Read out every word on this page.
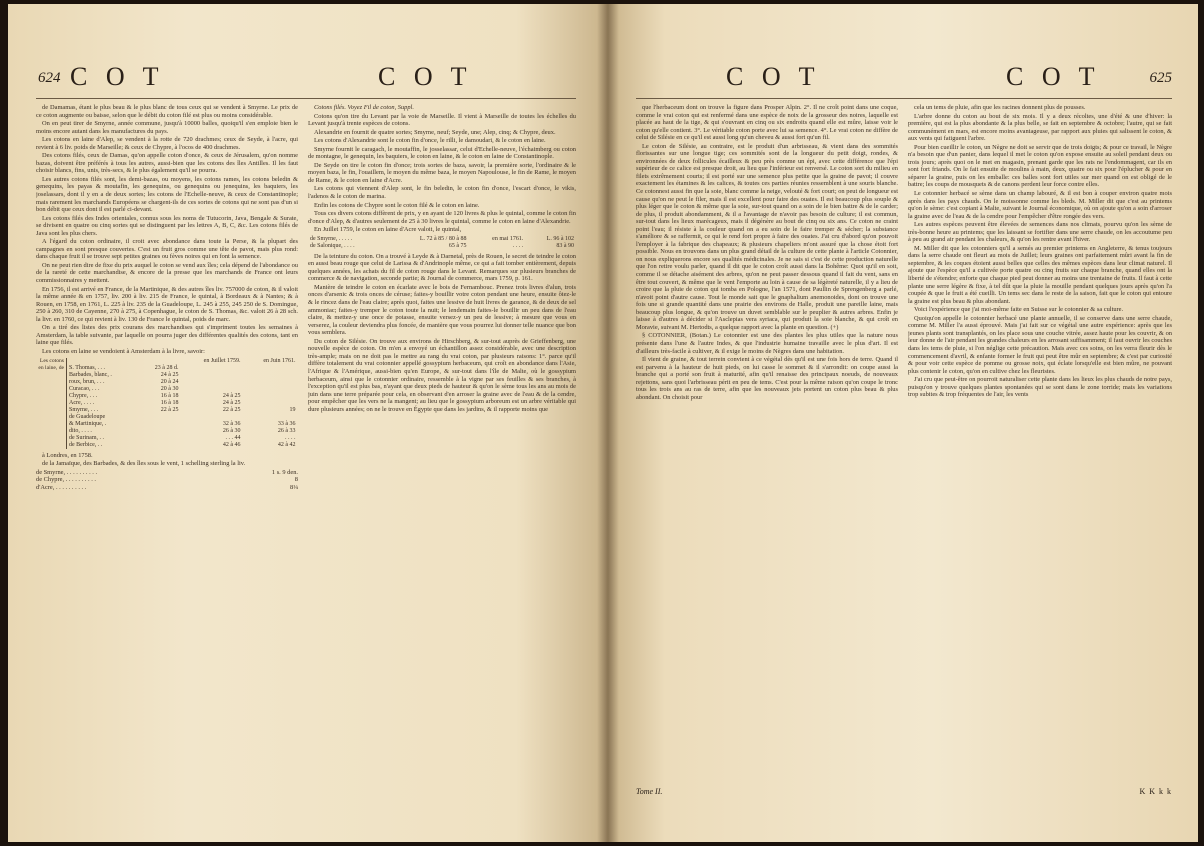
624 C O T	C O T

de Damamas, étant le plus beau & le plus blanc de tous ceux qui se vendent à Smyrne. Le prix de ce coton augmente ou baisse, selon que le débit du coton filé est plus ou moins considérable.

On en peut tirer de Smyrne, année commune, jusqu'à 10000 balles, quoiqu'il s'en emploie bien le moins encore autant dans les manufactures du pays.

Les cotons en laine d'Alep, se vendent à la rotte de 720 drachmes; ceux de Seyde, à l'acre, qui revient à 6 liv. poids de Marseille; & ceux de Chypre, à l'ocos de 400 drachmes.

Des cotons filés, ceux de Damas, qu'on appelle coton d'once, & ceux de Jérusalem, qu'on nomme bazas, doivent être préférés à tous les autres, aussi-bien que les cotons des îles Antilles. Il les faut choisir blancs, fins, unis, très-secs, & le plus également qu'il se pourra.

Les autres cotons filés sont, les demi-bazas, ou moyens, les cotons rames, les cotons beledin & genequins, les payas & moutafin, les genequins, ou genequins ou jenequins, les baquiers, les joselassars, dont il y en a de deux sortes; les cotons de l'Echelle-neuve, & ceux de Constantinople; mais rarement les marchands Européens se chargent-ils de ces sortes de cotons qui ne sont pas d'un si bon débit que ceux dont il est parlé ci-devant.

Les cotons filés des Indes orientales, connus sous les noms de Tutucorin, Java, Bengale & Surate, se divisent en quatre ou cinq sortes qui se distinguent par les lettres A, B, C, &c. Les cotons filés de Java sont les plus chers.

A l'égard du coton ordinaire, il croit avec abondance dans toute la Perse, & la plupart des campagnes en sont presque couvertes. C'est un fruit gros comme une tête de pavot, mais plus rond: dans chaque fruit il se trouve sept petites graines ou fèves noires qui en font la semence.

On ne peut rien dire de fixe du prix auquel le coton se vend aux îles; cela dépend de l'abondance ou de la rareté de cette marchandise, & encore de la presse que les marchands de France ont leurs commissionnaires y mettent.

En 1756, il est arrivé en France, de la Martinique, & des autres îles liv. 757000 de coton, & il valoit la même année & en 1757, liv. 200 à liv. 215 de France, le quintal, à Bordeaux & à Nantes; & à Rouen, en 1758, en 1761, L. 225 à liv. 235 de la Guadeloupe, L. 245 à 255, 245 250 de S. Domingue, 250 à 260, 310 de Cayenne, 270 à 275, à Copenhague, le coton de S. Thomas, &c. valoit 26 à 28 sch. la livr. en 1760, ce qui revient à liv. 130 de France le quintal, poids de marc.

On a tiré des listes des prix courans des marchandises qui s'impriment toutes les semaines à Amsterdam, la table suivante, par laquelle on pourra juger des différentes qualités des cotons, tant en laine que filés.

Les cotons en laine se vendoient à Amsterdam à la livre, savoir:

Les cotons en laine, de			en Juillet 1759.	en Juin 1761.
	S. Thomas, . . .	23 à 28 d.		
	Barbades, blanc, .	24 à 25		
	roux, brun, . . .	20 à 24		
	Curacao, . . .	20 à 30		
	Chypre, . . .	16 à 18	24 à 25	
	Acre, . . . .	16 à 18	24 à 25	
	Smyrne, . . .	22 à 25	22 à 25	19
	de Guadeloupe			
	& Martinique, .		32 à 36	33 à 36
	dito, . . . .		26 à 30	26 à 33
	de Surinam, . .		. . . 44	. . . .
	de Berbice, . .		42 à 46	42 à 42

à Londres, en 1758.

de la Jamaïque, des Barbades, & des îles sous le vent, 1 schelling sterling la liv.

de Smyrne, . . . . . . . . . .	1 s. 9 den.
de Chypre, . . . . . . . . . .	8
d'Acre, . . . . . . . . . .	8¼

Cotons filés. Voyez Fil de coton, Suppl.

Cotons qu'on tire du Levant par la voie de Marseille. Il vient à Marseille de toutes les échelles du Levant jusqu'à trente espèces de cotons.

Alexandrie en fournit de quatre sortes; Smyrne, neuf; Seyde, une; Alep, cinq; & Chypre, deux.

Les cotons d'Alexandrie sont le coton fin d'once, le rilli, le damoudari, & le coton en laine.

Smyrne fournit le caragach, le moutaffin, le josselassar, celui d'Echelle-neuve, l'échaimberg ou coton de montagne, le genequin, les baquiers, le coton en laine, & le coton en laine de Constantinople.

De Seyde on tire le coton fin d'once; trois sortes de baza, savoir, la première sorte, l'ordinaire & le moyen baza, le fin, l'ouaillem, le moyen du même baza, le moyen Napoulouse, le fin de Rame, le moyen de Rame, & le coton en laine d'Acre.

Les cotons qui viennent d'Alep sont, le fin beledin, le coton fin d'once, l'escart d'once, le vikis, l'adenos & le coton de marina.

Enfin les cotons de Chypre sont le coton filé & le coton en laine.

Tous ces divers cotons diffèrent de prix, y en ayant de 120 livres & plus le quintal, comme le coton fin d'once d'Alep, & d'autres seulement de 25 à 30 livres le quintal, comme le coton en laine d'Alexandrie.

En Juillet 1759, le coton en laine d'Acre valoit, le quintal,

de Smyrne, . . . . .	L. 72 à 85 / 80 à 88	en mai 1761.	L. 96 à 102
de Salonique, . . . .	65 à 75	. . . .	83 à 90

De la teinture du coton. On a trouvé à Leyde & à Darnetal, près de Rouen, le secret de teindre le coton en aussi beau rouge que celui de Larissa & d'Andrinople même, ce qui a fait tomber entièrement, depuis quelques années, les achats du fil de coton rouge dans le Levant. Remarques sur plusieurs branches de commerce & de navigation, seconde partie; & Journal de commerce, mars 1759, p. 161.

Manière de teindre le coton en écarlate avec le bois de Fernambouc. Prenez trois livres d'alun, trois onces d'arsenic & trois onces de céruse; faites-y bouillir votre coton pendant une heure, ensuite ôtez-le & le rincez dans de l'eau claire; après quoi, faites une lessive de huit livres de garance, & de deux de sel ammoniac; faites-y tremper le coton toute la nuit; le lendemain faites-le bouillir un peu dans de l'eau claire, & mettez-y une once de potasse, ensuite versez-y un peu de lessive; à mesure que vous en verserez, la couleur deviendra plus foncée, de manière que vous pourrez lui donner telle nuance que bon vous semblera.

Du coton de Silésie. On trouve aux environs de Hirschberg, & sur-tout auprès de Grieffenberg, une nouvelle espèce de coton. On m'en a envoyé un échantillon assez considérable, avec une description très-ample; mais on ne doit pas le mettre au rang du vrai coton, par plusieurs raisons: 1°. parce qu'il diffère totalement du vrai cotonnier appellé gossypium herbaceum, qui croît en abondance dans l'Asie, l'Afrique & l'Amérique, aussi-bien qu'en Europe, & sur-tout dans l'île de Malte, où le gossypium herbaceum, ainsi que le cotonnier ordinaire, ressemble à la vigne par ses feuilles & ses branches, à l'exception qu'il est plus bas, n'ayant que deux pieds de hauteur & qu'on le sème tous les ans au mois de juin dans une terre préparée pour cela, en observant d'en arroser la graine avec de l'eau & de la cendre, pour empêcher que les vers ne la mangent; au lieu que le gossypium arboreum est un arbre véritable qui dure plusieurs années; on ne le trouve en Égypte que dans les jardins, & il rapporte moins que

C O T	C O T	625

que l'herbaceum dont on trouve la figure dans Prosper Alpin. 2°. Il ne croît point dans une coque, comme le vrai coton qui est renfermé dans une espèce de noix de la grosseur des noires, laquelle est placée au haut de la tige, & qui s'ouvrant en cinq ou six endroits quand elle est mûre, laisse voir le coton qu'elle contient. 3°. Le véritable coton porte avec lui sa semence. 4°. Le vrai coton ne diffère de celui de Silésie en ce qu'il est aussi long qu'un cheveu & aussi fort qu'un fil.

Le coton de Silésie, au contraire, est le produit d'un arbrisseau, & vient dans des sommités florissantes sur une longue tige; ces sommités sont de la longueur du petit doigt, rondes, & environnées de deux follicules écailleux & peu près comme un épi, avec cette différence que l'épi supérieur de ce calice est presque droit, au lieu que l'inférieur est renversé. Le coton sort du milieu en filets extrêmement courts; il est porté sur une semence plus petite que la graine de pavot; il couvre exactement les étamines & les calices, & toutes ces parties réunies ressemblent à une souris blanche. Ce cotonnest aussi fin que la soie, blanc comme la neige, velouté & fort court; on peut de longueur est cause qu'on ne peut le filer, mais il est excellent pour faire des ouates. Il est beaucoup plus souple & plus léger que le coton & même que la soie, sur-tout quand on a soin de le bien battre & de le carder; de plus, il produit abondamment, & il a l'avantage de n'avoir pas besoin de culture; il est commun, sur-tout dans les lieux marécageux, mais il dégénère au bout de cinq ou six ans. Ce coton ne craint point l'eau; il résiste à la couleur quand on a eu soin de le faire tremper & sécher; la substance s'améliore & se raffermit, ce qui le rend fort propre à faire des ouates. J'ai cru d'abord qu'on pouvoit l'employer à la fabrique des chapeaux; & plusieurs chapeliers m'ont assuré que la chose étoit fort possible. Nous en trouvons dans un plus grand détail de la culture de cette plante à l'article Cotonnier, on nous expliquerons encore ses qualités médicinales. Je ne sais si c'est de cette production naturelle que l'on retire voulu parler, quand il dit que le coton croît aussi dans la Bohême: Quoi qu'il en soit, comme il se détache aisément des arbres, qu'on ne peut passer dessous quand il fait du vent, sans en être tout couvert, & même que le vent l'emporte au loin à cause de sa légèreté naturelle, il y a lieu de croire que la pluie de coton qui tomba en Pologne, l'an 1571, dont Paullin de Sprengenberg a parlé, n'avoit point d'autre cause. Tout le monde sait que le gnaphalium anemonoides, dont on trouve une fois une si grande quantité dans une prairie des environs de Halle, produit une pareille laine, mais beaucoup plus longue, & qu'on trouve un duvet semblable sur le peuplier & autres arbres. Enfin je laisse à d'autres à décider si l'Asclepias vera syriaca, qui produit la soie blanche, & qui croît en Moravie, suivant M. Hertodts, a quelque rapport avec la plante en question. (+)

§ COTONNIER, (Botan.) Le cotonnier est une des plantes les plus utiles que la nature nous présente dans l'une & l'autre Indes, & que l'industrie humaine travaille avec le plus d'art. Il est d'ailleurs très-facile à cultiver, & il exige le moins de Nègres dans une habitation.

Il vient de graine, & tout terrein convient à ce végétal dès qu'il est une fois hors de terre. Quand il est parvenu à la hauteur de huit pieds, on lui casse le sommet & il s'arrondit: on coupe aussi la branche qui a porté son fruit à maturité, afin qu'il renaisse des principaux noeuds, de nouveaux rejettons, sans quoi l'arbrisseau périt en peu de tems. C'est pour la même raison qu'on coupe le tronc tous les trois ans au ras de terre, afin que les nouveaux jets portent un coton plus beau & plus abondant. On choisit pour

cela un tems de pluie, afin que les racines donnent plus de pousses.

L'arbre donne du coton au bout de six mois. Il y a deux récoltes, une d'été & une d'hiver: la première, qui est la plus abondante & la plus belle, se fait en septembre & octobre; l'autre, qui se fait communément en mars, est encore moins avantageuse, par rapport aux pluies qui salissent le coton, & aux vents qui fatiguent l'arbre.

Pour bien cueillir le coton, un Nègre ne doit se servir que de trois doigts; & pour ce travail, le Nègre n'a besoin que d'un panier, dans lequel il met le coton qu'on expose ensuite au soleil pendant deux ou trois jours; après quoi on le met en magasin, prenant garde que les rats ne l'endommagent, car ils en sont fort friands. On le fait ensuite de moulins à main, deux, quatre ou six pour l'éplucher & pour en séparer la graine, puis on les emballe: ces balles sont fort utiles sur mer quand on est obligé de le battre; les coups de mousquets & de canons perdent leur force contre elles.

Le cotonnier herbacé se sème dans un champ labouré, & il est bon à couper environ quatre mois après dans les pays chauds. On le moissonne comme les bleds. M. Miller dit que c'est au printems qu'on le sème: c'est copiant à Malte, suivant le Journal économique, où on ajoute qu'on a soin d'arroser la graine avec de l'eau & de la cendre pour l'empêcher d'être rongée des vers.

Les autres espèces peuvent être élevées de semences dans nos climats, pourvu qu'on les sème de très-bonne heure au printems; que les laissant se fortifier dans une serre chaude, on les accoutume peu à peu au grand air pendant les chaleurs, & qu'on les rentre avant l'hiver.

M. Miller dit que les cotonniers qu'il a semés au premier printems en Angleterre, & tenus toujours dans la serre chaude ont fleuri au mois de Juillet; leurs graines ont parfaitement mûri avant la fin de septembre, & les coques étoient aussi belles que celles des mêmes espèces dans leur climat naturel. Il ajoute que l'espèce qu'il a cultivée porte quatre ou cinq fruits sur chaque branche, quand elles ont la liberté de s'étendre; enforte que chaque pied peut donner au moins une trentaine de fruits. Il faut à cette plante une serre légère & fixe, à tel dût que la pluie la mouille pendant quelques jours après qu'on l'a coupée & que le fruit a été cueilli. Un tems sec dans le reste de la saison, fait que le coton qui entoure la graine est plus beau & plus abondant.

Voici l'expérience que j'ai moi-même faite en Suisse sur le cotonnier & sa culture.

Quoiqu'on appelle le cotonnier herbacé une plante annuelle, il se conserve dans une serre chaude, comme M. Miller l'a aussi éprouvé. Mais j'ai fait sur ce végétal une autre expérience: après que les jeunes plants sont transplantés, on les place sous une couche vitrée, assez haute pour les couvrir, & on leur donne de l'air pendant les grandes chaleurs en les arrosant suffisamment; il faut ouvrir les couches dans les tems de pluie, si l'on néglige cette précaution. Mais avec ces soins, on les verra fleurir dès le commencement d'avril, & enfante former le fruit qui peut être mûr en septembre; & c'est par curiosité & pour voir cette espèce de pomme ou grosse noix, qui éclate lorsqu'elle est bien mûre, ne pouvant plus contenir le coton, qu'on en cultive chez les fleuristes.

J'ai cru que peut-être on pourroit naturaliser cette plante dans les lieux les plus chauds de notre pays, puisqu'on y trouve quelques plantes spontanées qui se sont dans le zone torride; mais les variations trop subites & trop fréquentes de l'air, les vents

Tome II.	K K k k
